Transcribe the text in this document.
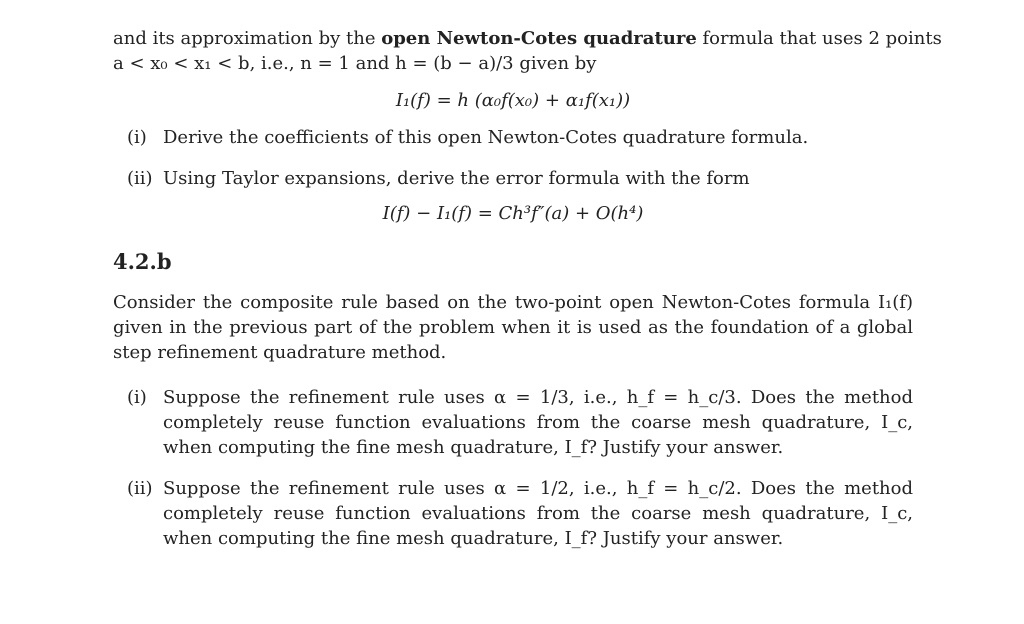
and its approximation by the open Newton-Cotes quadrature formula that uses 2 points

a < x₀ < x₁ < b, i.e., n = 1 and h = (b − a)/3 given by

I₁(f) = h (α₀f(x₀) + α₁f(x₁))

(i) Derive the coefficients of this open Newton-Cotes quadrature formula.

(ii) Using Taylor expansions, derive the error formula with the form

I(f) − I₁(f) = Ch³f″(a) + O(h⁴)

4.2.b

Consider the composite rule based on the two-point open Newton-Cotes formula I₁(f) given in the previous part of the problem when it is used as the foundation of a global step refinement quadrature method.

(i) Suppose the refinement rule uses α = 1/3, i.e., h_f = h_c/3. Does the method completely reuse function evaluations from the coarse mesh quadrature, I_c, when computing the fine mesh quadrature, I_f? Justify your answer.

(ii) Suppose the refinement rule uses α = 1/2, i.e., h_f = h_c/2. Does the method completely reuse function evaluations from the coarse mesh quadrature, I_c, when computing the fine mesh quadrature, I_f? Justify your answer.
